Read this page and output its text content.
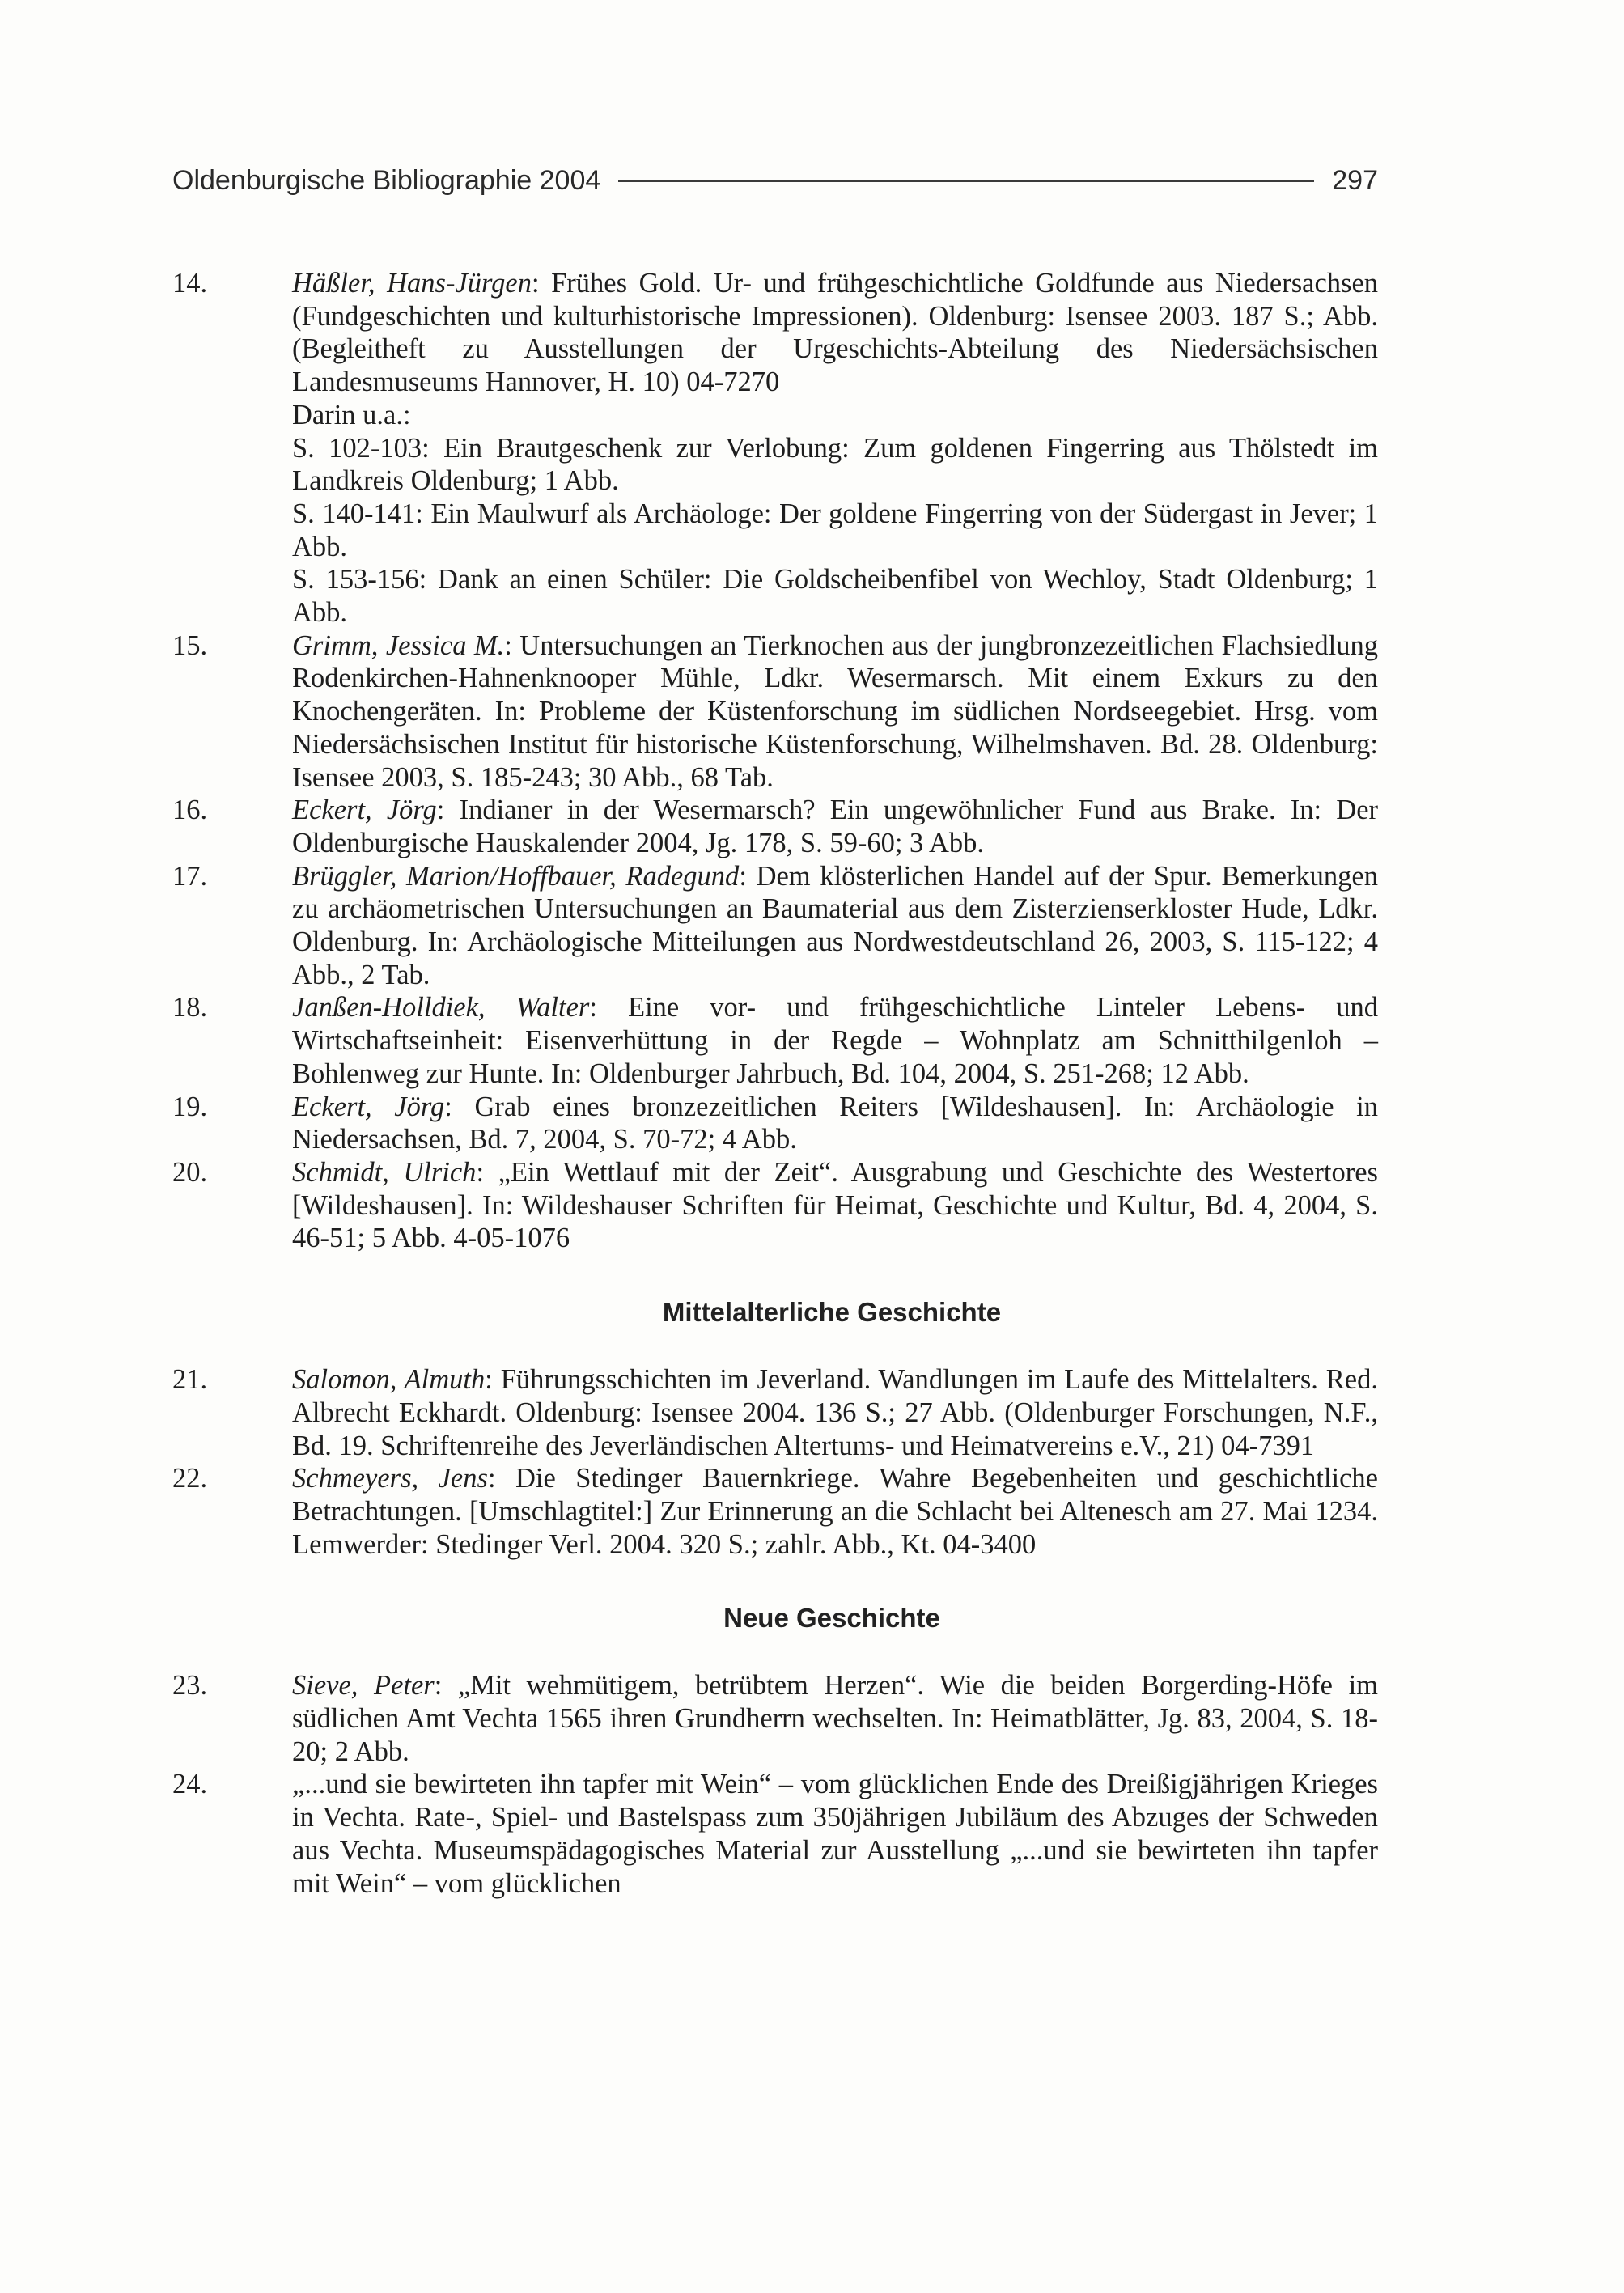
Oldenburgische Bibliographie 2004	297
14.	Häßler, Hans-Jürgen: Frühes Gold. Ur- und frühgeschichtliche Goldfunde aus Niedersachsen (Fundgeschichten und kulturhistorische Impressionen). Oldenburg: Isensee 2003. 187 S.; Abb. (Begleitheft zu Ausstellungen der Urgeschichts-Abteilung des Niedersächsischen Landesmuseums Hannover, H. 10) 04-7270

Darin u.a.:

S. 102-103: Ein Brautgeschenk zur Verlobung: Zum goldenen Fingerring aus Thölstedt im Landkreis Oldenburg; 1 Abb.

S. 140-141: Ein Maulwurf als Archäologe: Der goldene Fingerring von der Südergast in Jever; 1 Abb.

S. 153-156: Dank an einen Schüler: Die Goldscheibenfibel von Wechloy, Stadt Oldenburg; 1 Abb.

15.	Grimm, Jessica M.: Untersuchungen an Tierknochen aus der jungbronzezeitlichen Flachsiedlung Rodenkirchen-Hahnenknooper Mühle, Ldkr. Wesermarsch. Mit einem Exkurs zu den Knochengeräten. In: Probleme der Küstenforschung im südlichen Nordseegebiet. Hrsg. vom Niedersächsischen Institut für historische Küstenforschung, Wilhelmshaven. Bd. 28. Oldenburg: Isensee 2003, S. 185-243; 30 Abb., 68 Tab.

16.	Eckert, Jörg: Indianer in der Wesermarsch? Ein ungewöhnlicher Fund aus Brake. In: Der Oldenburgische Hauskalender 2004, Jg. 178, S. 59-60; 3 Abb.

17.	Brüggler, Marion/Hoffbauer, Radegund: Dem klösterlichen Handel auf der Spur. Bemerkungen zu archäometrischen Untersuchungen an Baumaterial aus dem Zisterzienserkloster Hude, Ldkr. Oldenburg. In: Archäologische Mitteilungen aus Nordwestdeutschland 26, 2003, S. 115-122; 4 Abb., 2 Tab.

18.	Janßen-Holldiek, Walter: Eine vor- und frühgeschichtliche Linteler Lebens- und Wirtschaftseinheit: Eisenverhüttung in der Regde – Wohnplatz am Schnitthilgenloh – Bohlenweg zur Hunte. In: Oldenburger Jahrbuch, Bd. 104, 2004, S. 251-268; 12 Abb.

19.	Eckert, Jörg: Grab eines bronzezeitlichen Reiters [Wildeshausen]. In: Archäologie in Niedersachsen, Bd. 7, 2004, S. 70-72; 4 Abb.

20.	Schmidt, Ulrich: „Ein Wettlauf mit der Zeit“. Ausgrabung und Geschichte des Westertores [Wildeshausen]. In: Wildeshauser Schriften für Heimat, Geschichte und Kultur, Bd. 4, 2004, S. 46-51; 5 Abb. 4-05-1076

Mittelalterliche Geschichte
21.	Salomon, Almuth: Führungsschichten im Jeverland. Wandlungen im Laufe des Mittelalters. Red. Albrecht Eckhardt. Oldenburg: Isensee 2004. 136 S.; 27 Abb. (Oldenburger Forschungen, N.F., Bd. 19. Schriftenreihe des Jeverländischen Altertums- und Heimatvereins e.V., 21) 04-7391

22.	Schmeyers, Jens: Die Stedinger Bauernkriege. Wahre Begebenheiten und geschichtliche Betrachtungen. [Umschlagtitel:] Zur Erinnerung an die Schlacht bei Altenesch am 27. Mai 1234. Lemwerder: Stedinger Verl. 2004. 320 S.; zahlr. Abb., Kt. 04-3400

Neue Geschichte
23.	Sieve, Peter: „Mit wehmütigem, betrübtem Herzen“. Wie die beiden Borgerding-Höfe im südlichen Amt Vechta 1565 ihren Grundherrn wechselten. In: Heimatblätter, Jg. 83, 2004, S. 18-20; 2 Abb.

24.	„...und sie bewirteten ihn tapfer mit Wein“ – vom glücklichen Ende des Dreißigjährigen Krieges in Vechta. Rate-, Spiel- und Bastelspass zum 350jährigen Jubiläum des Abzuges der Schweden aus Vechta. Museumspädagogisches Material zur Ausstellung „...und sie bewirteten ihn tapfer mit Wein“ – vom glücklichen
